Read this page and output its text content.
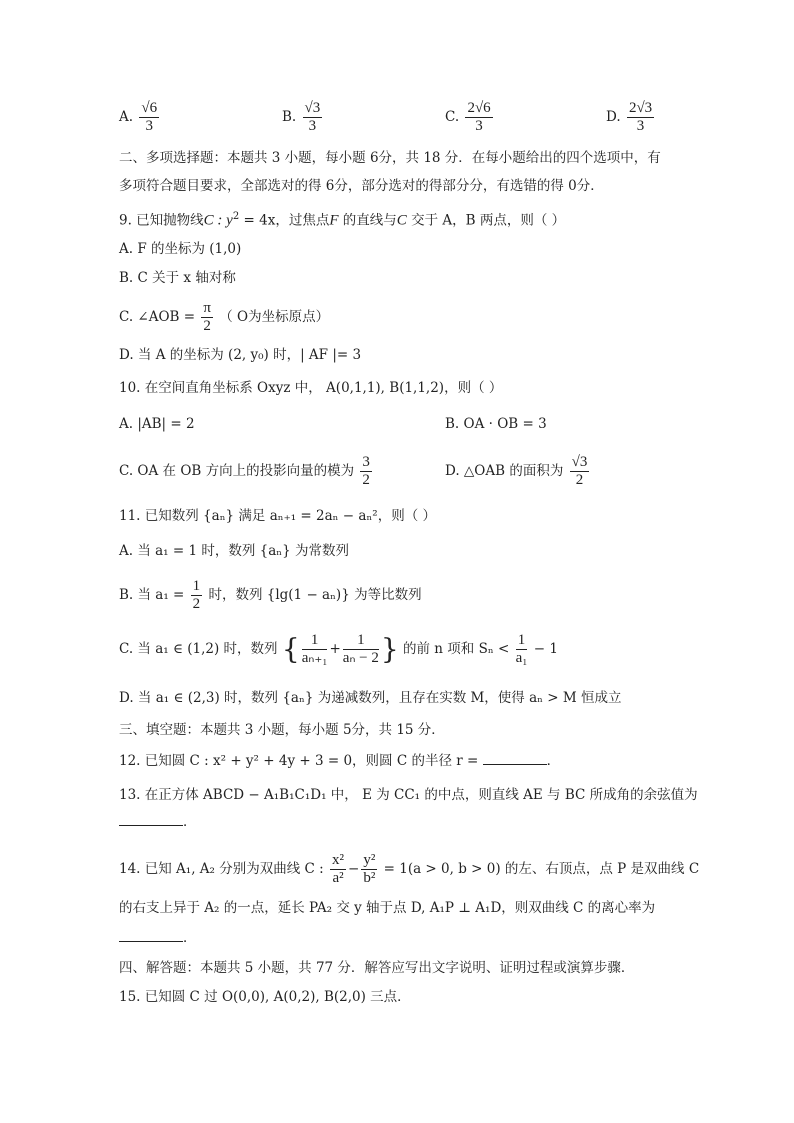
A. $\frac{√6}{3}$	B. $\frac{√3}{3}$	C. $\frac{2√6}{3}$	D. $\frac{2√3}{3}$
二、多项选择题：本题共 3 小题，每小题 6分，共 18 分．在每小题给出的四个选项中，有
多项符合题目要求，全部选对的得 6分，部分选对的得部分分，有选错的得 0分．
9. 已知抛物线C : $y^2 = 4x$，过焦点F 的直线与C 交于 A，B 两点，则（ ）
A. F 的坐标为 (1,0)
B. C 关于 x 轴对称
C. ∠AOB = $\frac{\pi}{2}$ （ O为坐标原点）
D. 当 A 的坐标为 (2, y₀) 时，| AF |= 3
10. 在空间直角坐标系 Oxyz 中， A(0,1,1), B(1,1,2)，则（ ）
A. |AB| = 2	B. OA · OB = 3
C. OA 在 OB 方向上的投影向量的模为 $\frac{3}{2}$	D. △OAB 的面积为 $\frac{√3}{2}$
11. 已知数列 {aₙ} 满足 aₙ₊₁ = 2aₙ − aₙ²，则（ ）
A. 当 a₁ = 1 时，数列 {aₙ} 为常数列
B. 当 $a_1 = \frac{1}{2}$ 时，数列 {lg(1 − aₙ)} 为等比数列
C. 当 a₁ ∈ (1,2) 时，数列 { $\frac{1}{\text{aₙ₊₁}} + \frac{1}{\text{aₙ − 2}}$ } 的前 n 项和 $S_n < \frac{1}{\text{a₁}} - 1$
D. 当 a₁ ∈ (2,3) 时，数列 {aₙ} 为递减数列，且存在实数 M，使得 aₙ > M 恒成立
三、填空题：本题共 3 小题，每小题 5分，共 15 分．
12. 已知圆 C : x² + y² + 4y + 3 = 0，则圆 C 的半径 r =	．
13. 在正方体 ABCD − A₁B₁C₁D₁ 中， E 为 CC₁ 的中点，则直线 AE 与 BC 所成角的余弦值为
．
14. 已知 A₁, A₂ 分别为双曲线 C : $\frac{\text{x²}}{\text{a²}} - \frac{\text{y²}}{\text{b²}} = 1(a > 0$, b > 0) 的左、右顶点，点 P 是双曲线 C
的右支上异于 A₂ 的一点，延长 PA₂ 交 y 轴于点 D, A₁P ⊥ A₁D，则双曲线 C 的离心率为
．
四、解答题：本题共 5 小题，共 77 分．解答应写出文字说明、证明过程或演算步骤．
15. 已知圆 C 过 O(0,0), A(0,2), B(2,0) 三点．
